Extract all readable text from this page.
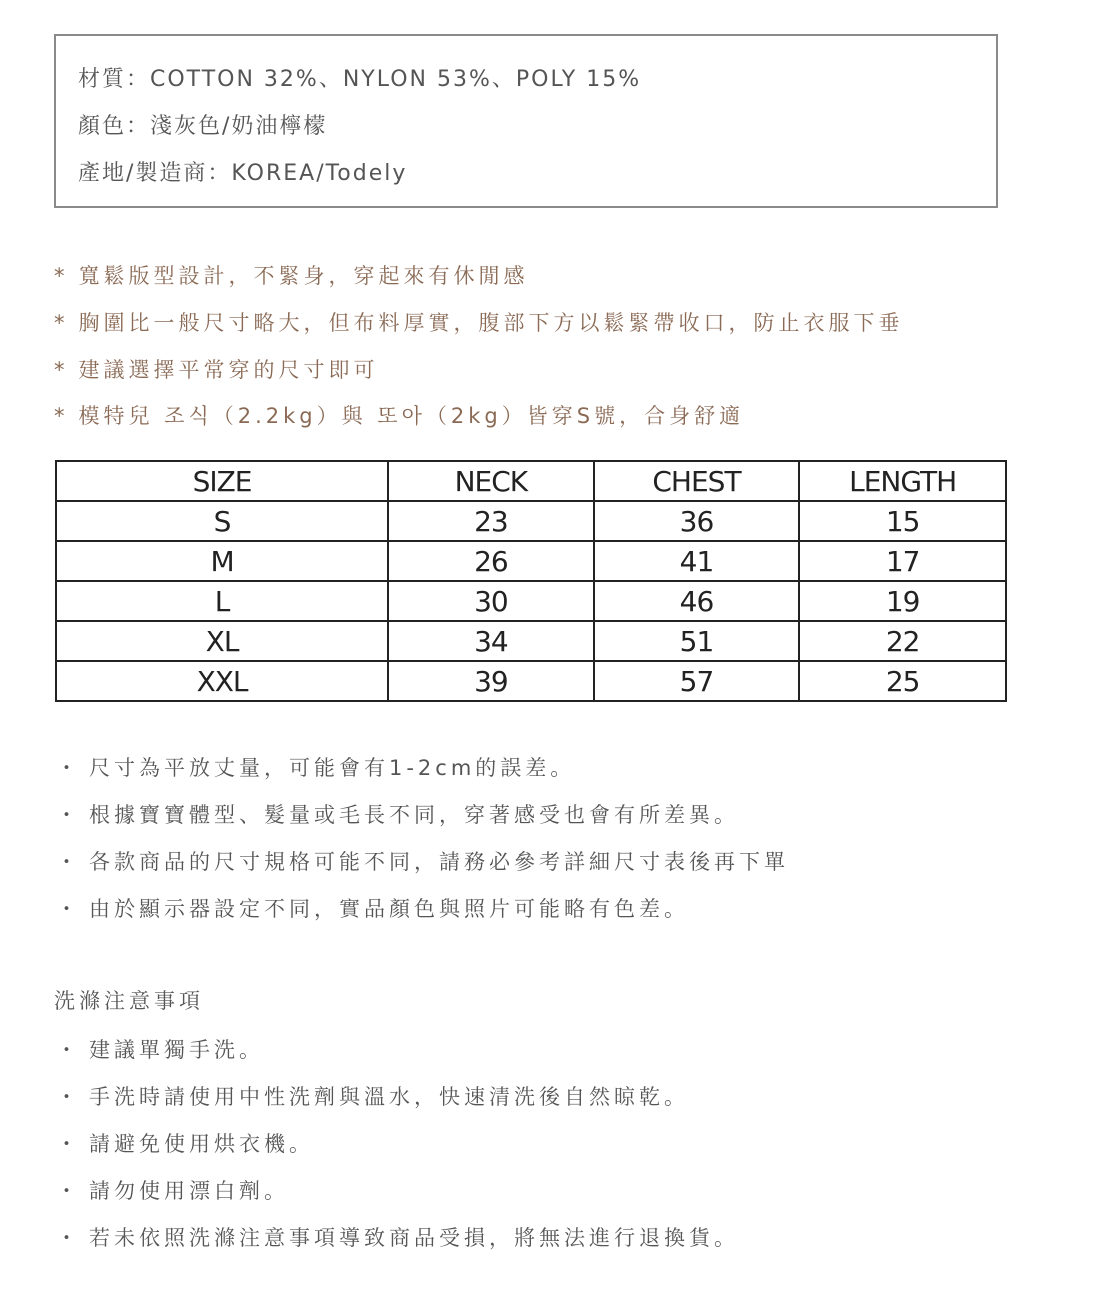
材質：COTTON 32%、NYLON 53%、POLY 15%
顏色：淺灰色/奶油檸檬
產地/製造商：KOREA/Todely
* 寬鬆版型設計，不緊身，穿起來有休閒感
* 胸圍比一般尺寸略大，但布料厚實，腹部下方以鬆緊帶收口，防止衣服下垂
* 建議選擇平常穿的尺寸即可
* 模特兒 조식（2.2kg）與 또아（2kg）皆穿S號，合身舒適
SIZE	NECK	CHEST	LENGTH
S	23	36	15
M	26	41	17
L	30	46	19
XL	34	51	22
XXL	39	57	25
・ 尺寸為平放丈量，可能會有1-2cm的誤差。
・ 根據寶寶體型、髮量或毛長不同，穿著感受也會有所差異。
・ 各款商品的尺寸規格可能不同，請務必參考詳細尺寸表後再下單
・ 由於顯示器設定不同，實品顏色與照片可能略有色差。
洗滌注意事項
・ 建議單獨手洗。
・ 手洗時請使用中性洗劑與溫水，快速清洗後自然晾乾。
・ 請避免使用烘衣機。
・ 請勿使用漂白劑。
・ 若未依照洗滌注意事項導致商品受損，將無法進行退換貨。
